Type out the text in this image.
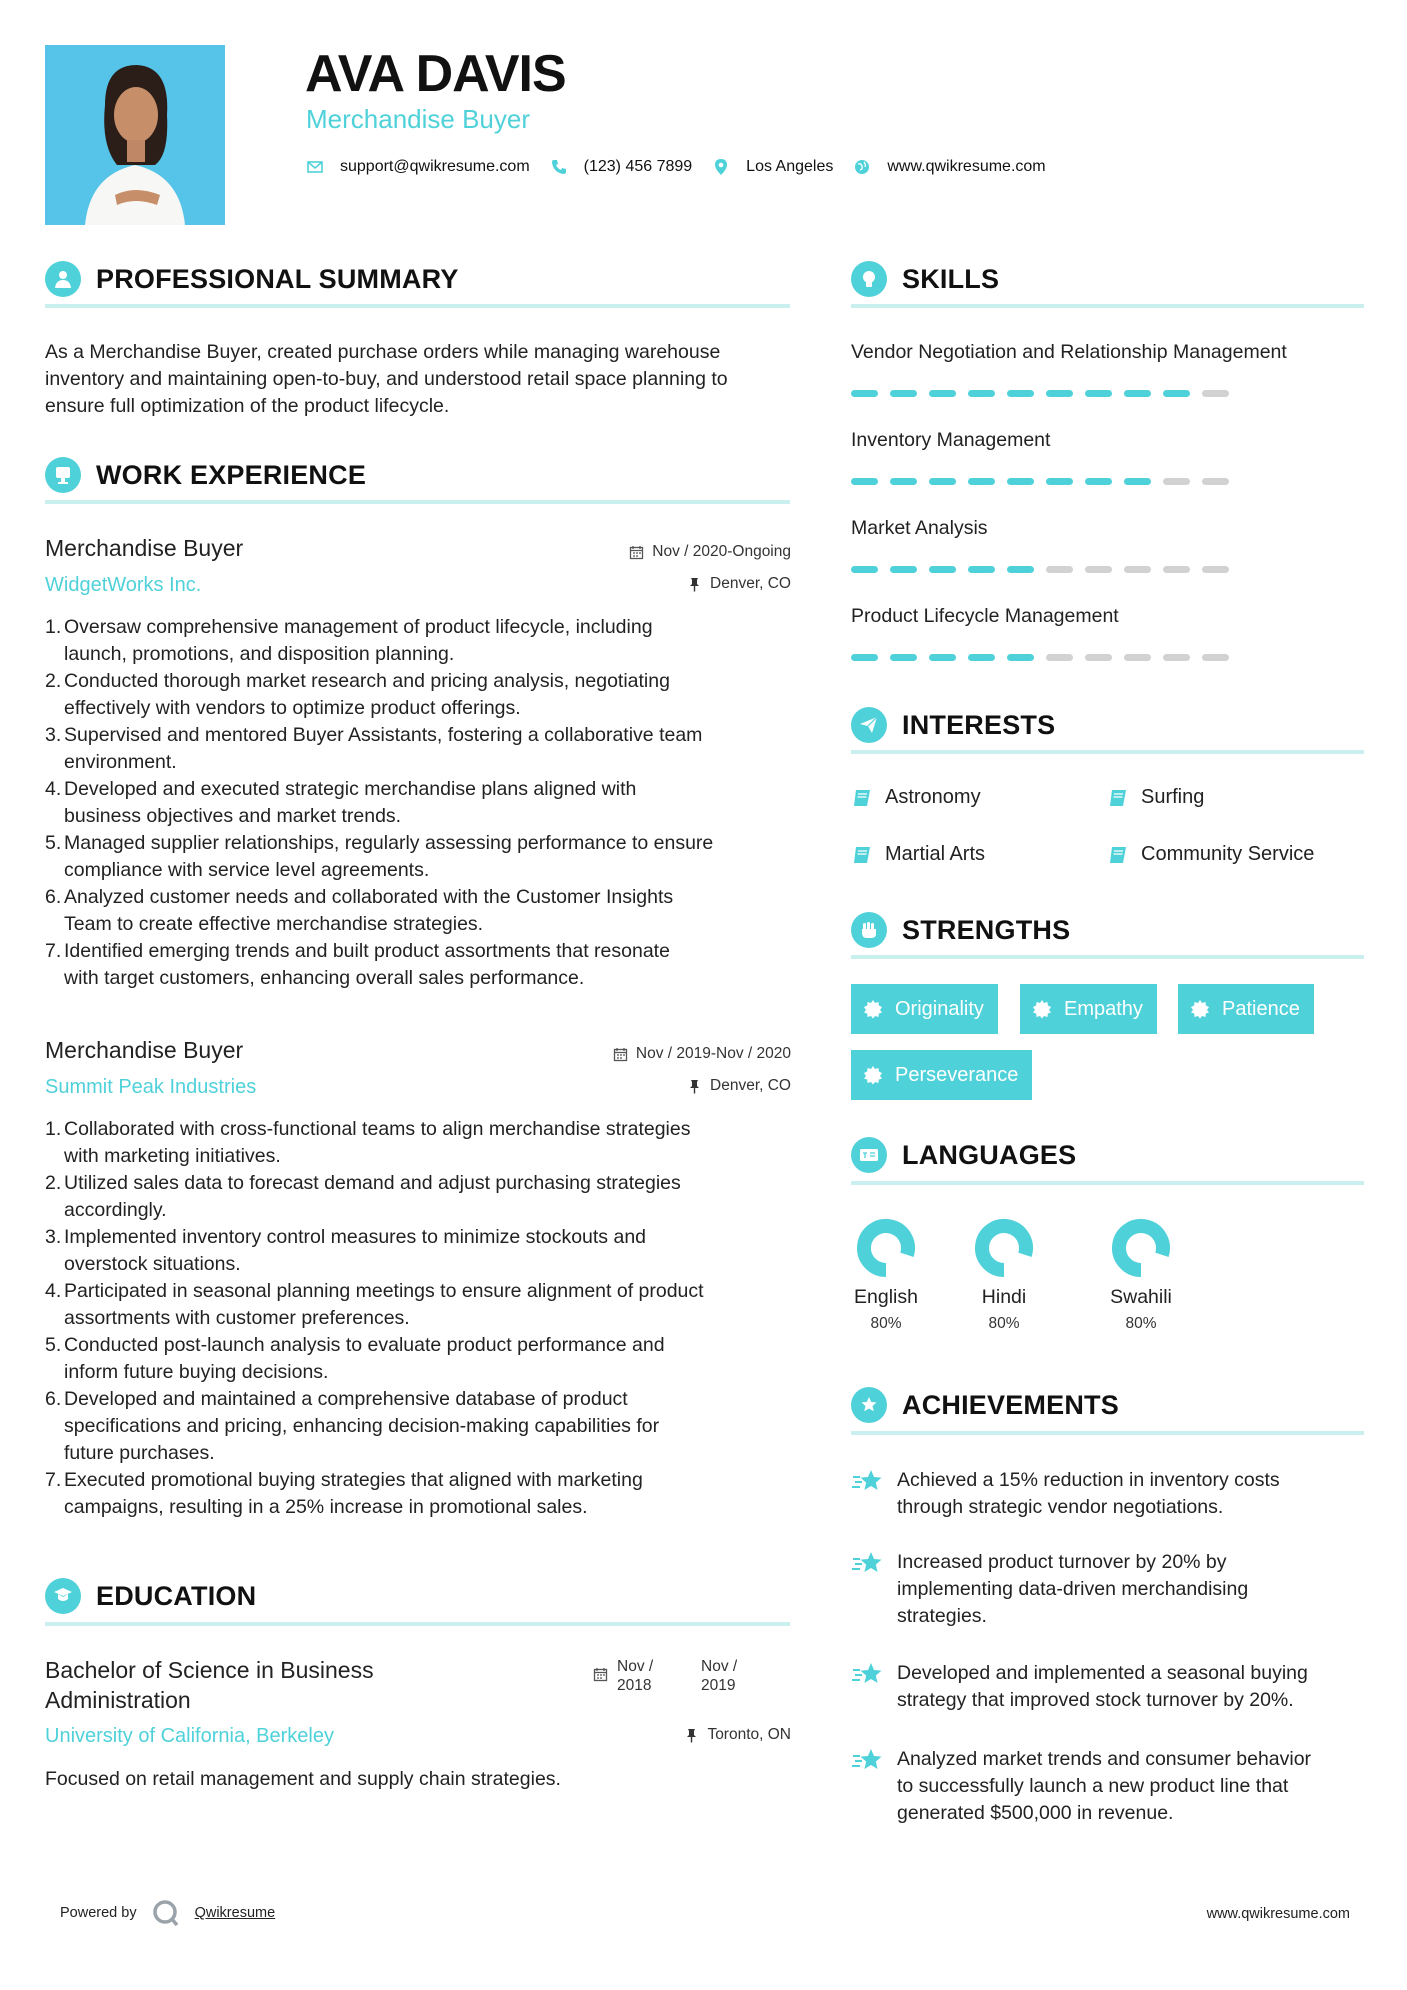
AVA DAVIS
Merchandise Buyer
support@qwikresume.com	(123) 456 7899	Los Angeles	www.qwikresume.com
PROFESSIONAL SUMMARY
As a Merchandise Buyer, created purchase orders while managing warehouse inventory and maintaining open-to-buy, and understood retail space planning to ensure full optimization of the product lifecycle.
WORK EXPERIENCE
Merchandise Buyer
WidgetWorks Inc.
Nov / 2020-Ongoing
Denver, CO
1. Oversaw comprehensive management of product lifecycle, including
launch, promotions, and disposition planning.
2. Conducted thorough market research and pricing analysis, negotiating
effectively with vendors to optimize product offerings.
3. Supervised and mentored Buyer Assistants, fostering a collaborative team
environment.
4. Developed and executed strategic merchandise plans aligned with
business objectives and market trends.
5. Managed supplier relationships, regularly assessing performance to ensure
compliance with service level agreements.
6. Analyzed customer needs and collaborated with the Customer Insights
Team to create effective merchandise strategies.
7. Identified emerging trends and built product assortments that resonate
with target customers, enhancing overall sales performance.
Merchandise Buyer
Summit Peak Industries
Nov / 2019-Nov / 2020
Denver, CO
1. Collaborated with cross-functional teams to align merchandise strategies
with marketing initiatives.
2. Utilized sales data to forecast demand and adjust purchasing strategies
accordingly.
3. Implemented inventory control measures to minimize stockouts and
overstock situations.
4. Participated in seasonal planning meetings to ensure alignment of product
assortments with customer preferences.
5. Conducted post-launch analysis to evaluate product performance and
inform future buying decisions.
6. Developed and maintained a comprehensive database of product
specifications and pricing, enhancing decision-making capabilities for
future purchases.
7. Executed promotional buying strategies that aligned with marketing
campaigns, resulting in a 25% increase in promotional sales.
EDUCATION
Bachelor of Science in Business
Administration
Nov /
2018
Nov /
2019
University of California, Berkeley	Toronto, ON
Focused on retail management and supply chain strategies.
SKILLS
Vendor Negotiation and Relationship Management
Inventory Management
Market Analysis
Product Lifecycle Management
INTERESTS
Astronomy	Surfing
Martial Arts	Community Service
STRENGTHS
Originality	Empathy	Patience
Perseverance
LANGUAGES
English
80%
Hindi
80%
Swahili
80%
ACHIEVEMENTS
Achieved a 15% reduction in inventory costs
through strategic vendor negotiations.
Increased product turnover by 20% by
implementing data-driven merchandising
strategies.
Developed and implemented a seasonal buying
strategy that improved stock turnover by 20%.
Analyzed market trends and consumer behavior
to successfully launch a new product line that
generated $500,000 in revenue.
Powered by	Qwikresume	www.qwikresume.com
